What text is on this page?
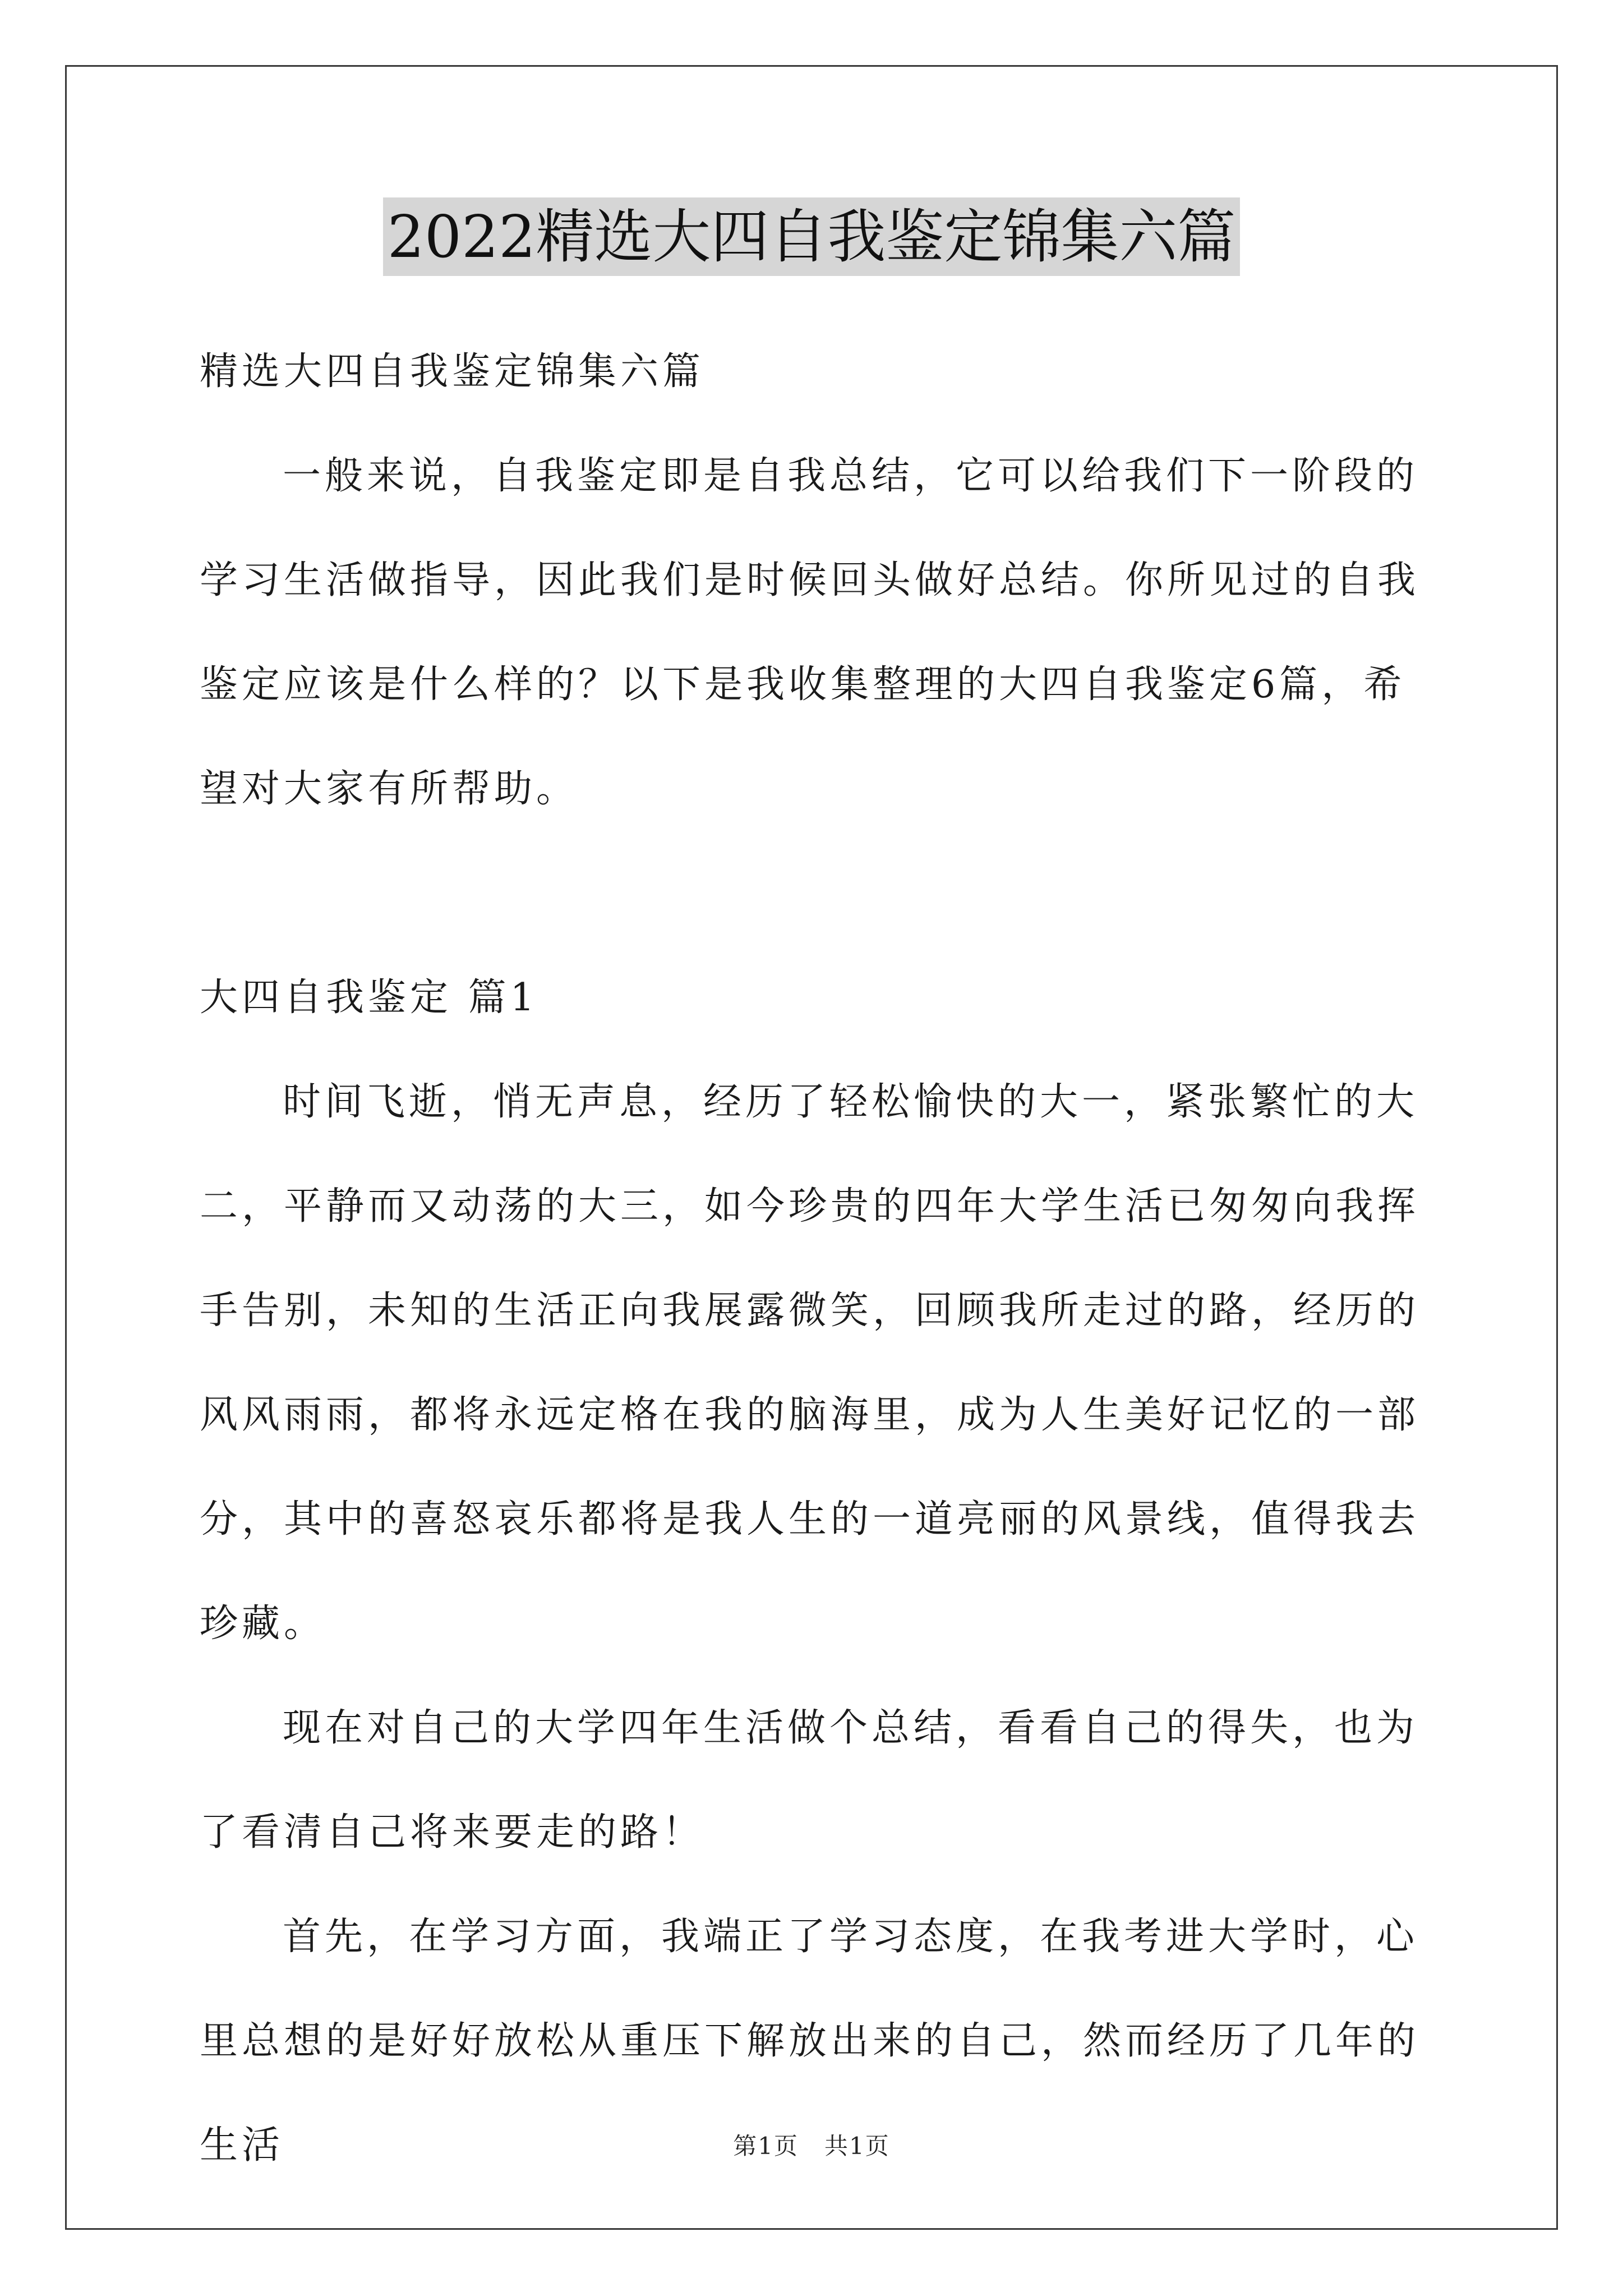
2022精选大四自我鉴定锦集六篇

精选大四自我鉴定锦集六篇

一般来说，自我鉴定即是自我总结，它可以给我们下一阶段的学习生活做指导，因此我们是时候回头做好总结。你所见过的自我鉴定应该是什么样的？以下是我收集整理的大四自我鉴定6篇，希望对大家有所帮助。

大四自我鉴定 篇1

时间飞逝，悄无声息，经历了轻松愉快的大一，紧张繁忙的大二，平静而又动荡的大三，如今珍贵的四年大学生活已匆匆向我挥手告别，未知的生活正向我展露微笑，回顾我所走过的路，经历的风风雨雨，都将永远定格在我的脑海里，成为人生美好记忆的一部分，其中的喜怒哀乐都将是我人生的一道亮丽的风景线，值得我去珍藏。

现在对自己的大学四年生活做个总结，看看自己的得失，也为了看清自己将来要走的路！

首先，在学习方面，我端正了学习态度，在我考进大学时，心里总想的是好好放松从重压下解放出来的自己，然而经历了几年的生活	第1页 共1页
